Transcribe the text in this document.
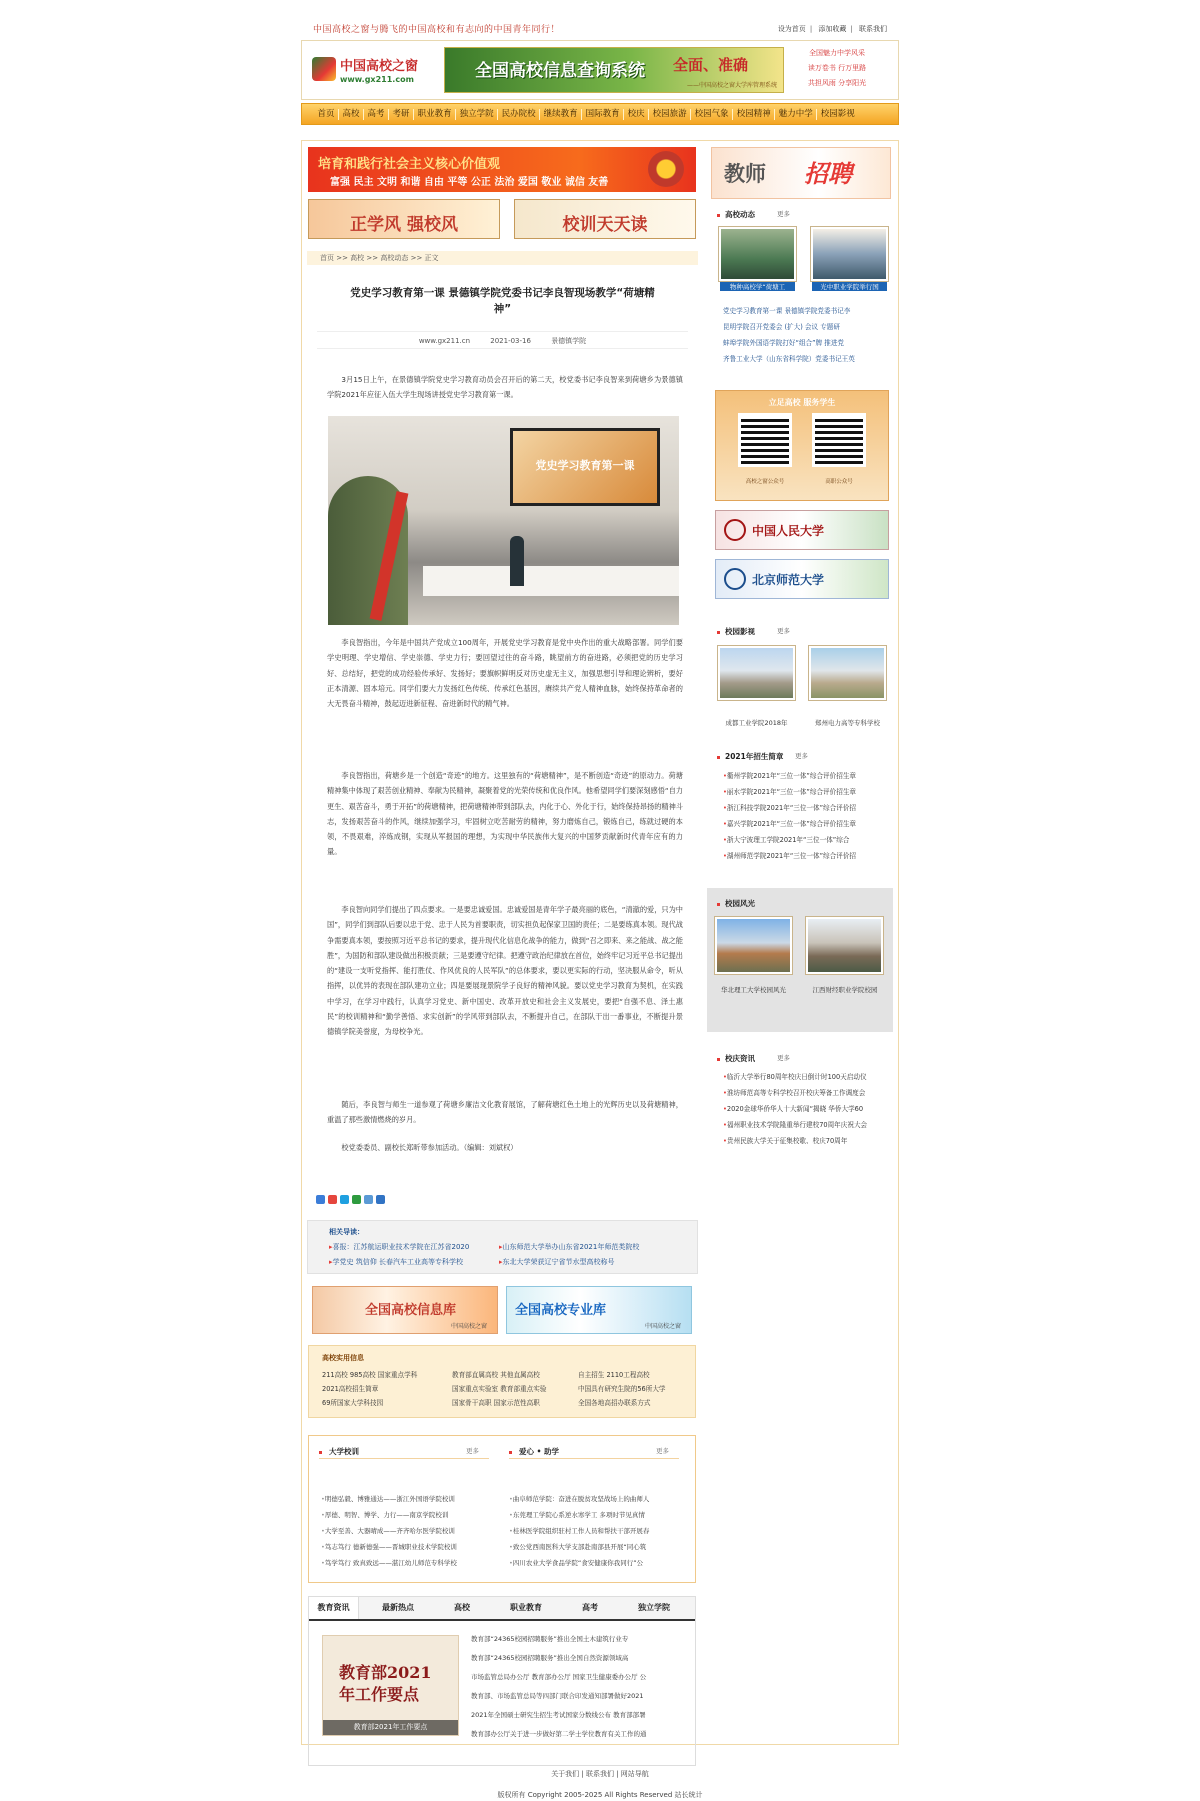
中国高校之窗与腾飞的中国高校和有志向的中国青年同行！	设为首页 | 添加收藏 | 联系我们
中国高校之窗
www.gx211.com	全国高校信息查询系统 全面、准确
——中国高校之窗大学库管理系统
全国魅力中学风采
读万卷书 行万里路
共担风雨 分享阳光
首页 高校 高考 考研 职业教育 独立学院 民办院校 继续教育 国际教育 校庆 校园旅游 校园气象 校园精神 魅力中学 校园影视
培育和践行社会主义核心价值观
富强 民主 文明 和谐 自由 平等 公正 法治 爱国 敬业 诚信 友善
正学风 强校风	校训天天读
首页 >> 高校 >> 高校动态 >> 正文
党史学习教育第一课 景德镇学院党委书记李良智现场教学“荷塘精神”
www.gx211.cn	2021-03-16	景德镇学院

3月15日上午，在景德镇学院党史学习教育动员会召开后的第二天，校党委书记李良智来到荷塘乡为景德镇学院2021年应征入伍大学生现场讲授党史学习教育第一课。

党史学习教育第一课

李良智指出，今年是中国共产党成立100周年，开展党史学习教育是党中央作出的重大战略部署。同学们要学史明理、学史增信、学史崇德、学史力行；要回望过往的奋斗路，眺望前方的奋进路，必须把党的历史学习好、总结好，把党的成功经验传承好、发扬好；要旗帜鲜明反对历史虚无主义，加强思想引导和理论辨析，要好正本清源、固本培元。同学们要大力发扬红色传统、传承红色基因，赓续共产党人精神血脉，始终保持革命者的大无畏奋斗精神，鼓起迈进新征程、奋进新时代的精气神。

李良智指出，荷塘乡是一个创造“奇迹”的地方。这里独有的“荷塘精神”，是不断创造“奇迹”的原动力。荷塘精神集中体现了艰苦创业精神、奉献为民精神，凝聚着党的光荣传统和优良作风。他希望同学们要深刻感悟“自力更生、艰苦奋斗，勇于开拓”的荷塘精神，把荷塘精神带到部队去，内化于心、外化于行，始终保持昂扬的精神斗志，发扬艰苦奋斗的作风，继续加强学习，牢固树立吃苦耐劳的精神，努力磨炼自己，锻炼自己，练就过硬的本领，不畏艰难，淬炼成钢，实现从军报国的理想，为实现中华民族伟大复兴的中国梦贡献新时代青年应有的力量。

李良智向同学们提出了四点要求。一是要忠诚爱国。忠诚爱国是青年学子最亮丽的底色，“清澈的爱，只为中国”，同学们到部队后要以忠于党、忠于人民为首要职责，切实担负起保家卫国的责任；二是要练真本领。现代战争需要真本领，要按照习近平总书记的要求，提升现代化信息化战争的能力，做到“召之即来、来之能战、战之能胜”，为国防和部队建设做出积极贡献；三是要遵守纪律。把遵守政治纪律放在首位，始终牢记习近平总书记提出的“建设一支听党指挥、能打胜仗、作风优良的人民军队”的总体要求，要以更实际的行动，坚决服从命令，听从指挥，以优异的表现在部队建功立业；四是要展现景院学子良好的精神风貌。要以党史学习教育为契机，在实践中学习，在学习中践行，认真学习党史、新中国史、改革开放史和社会主义发展史，要把“自强不息、泽土惠民”的校训精神和“勤学善悟、求实创新”的学风带到部队去，不断提升自己，在部队干出一番事业，不断提升景德镇学院美誉度，为母校争光。

随后，李良智与师生一道参观了荷塘乡廉洁文化教育展馆，了解荷塘红色土地上的光辉历史以及荷塘精神，重温了那些激情燃烧的岁月。

校党委委员、副校长郑昕带参加活动。（编辑：刘斌权）

相关导读：
▸ 喜报：江苏航运职业技术学院在江苏省2020	▸ 山东师范大学举办山东省2021年师范类院校
▸ 学党史 筑信仰 长春汽车工业高等专科学校	▸ 东北大学荣获辽宁省节水型高校称号
全国高校信息库
中国高校之窗
全国高校专业库
中国高校之窗
高校实用信息
211高校 985高校 国家重点学科	教育部直属高校 其他直属高校	自主招生 2110工程高校
2021高校招生简章	国家重点实验室 教育部重点实验	中国具有研究生院的56所大学
69所国家大学科技园	国家骨干高职 国家示范性高职	全国各地高招办联系方式
大学校训	更多	爱心 • 助学	更多
• 明德弘毅、博雅通达——浙江外国语学院校训
• 厚德、明智、博学、力行——南京学院校训
• 大学至善、大器晴成——齐齐哈尔医学院校训
• 笃志笃行 德新德强——晋城职业技术学院校训
• 笃学笃行 致真致远——湛江幼儿师范专科学校
• 曲阜师范学院：奋进在脱贫攻坚战场上的曲师人
• 东莞理工学院心系逆水寒学工 多项时节见真情
• 桂林医学院组织驻村工作人员和帮扶干部开展春
• 致公党西南医科大学支部赴南部县开展“同心筑
• 四川农业大学食品学院“食安健康你我同行”公
教育资讯	最新热点	高校	职业教育	高考	独立学院
教育部2021年工作要点
教育部2021年工作要点
教育部“24365校园招聘服务”推出全国土木建筑行业专
教育部“24365校园招聘服务”推出全国自然资源领域高
市场监管总局办公厅 教育部办公厅 国家卫生健康委办公厅 公
教育部、市场监管总局等四部门联合印发通知部署做好2021
2021年全国硕士研究生招生考试国家分数线公布 教育部部署
教育部办公厅关于进一步做好第二学士学位教育有关工作的通
教师 招聘
高校动态	更多
物种高校学“荷塘工	光中职业学院举行国
党史学习教育第一课 景德镇学院党委书记李
昆明学院召开党委会 (扩大) 会议 专题研
蚌埠学院外国语学院打好“组合”牌 推进党
齐鲁工业大学（山东省科学院）党委书记王英
立足高校 服务学生
高校之窗公众号	高职公众号
中国人民大学
北京师范大学
校园影视	更多
成都工业学院2018年	郑州电力高等专科学校
2021年招生简章 更多
• 衢州学院2021年“三位一体”综合评价招生章
• 丽水学院2021年“三位一体”综合评价招生章
• 浙江科技学院2021年“三位一体”综合评价招
• 嘉兴学院2021年“三位一体”综合评价招生章
• 浙大宁波理工学院2021年“三位一体”综合
• 湖州师范学院2021年“三位一体”综合评价招
校园风光
华北理工大学校园风光	江西财经职业学院校园
校庆资讯	更多
• 临沂大学举行80周年校庆日倒计时100天启动仪
• 淮坊师范高等专科学校召开校庆筹备工作调度会
• 2020金球华侨华人十大新闻“揭晓 华侨大学60
• 福州职业技术学院隆重举行建校70周年庆祝大会
• 贵州民族大学关于征集校歌、校庆70周年
关于我们 | 联系我们 | 网站导航
版权所有 Copyright 2005-2025 All Rights Reserved 站长统计
